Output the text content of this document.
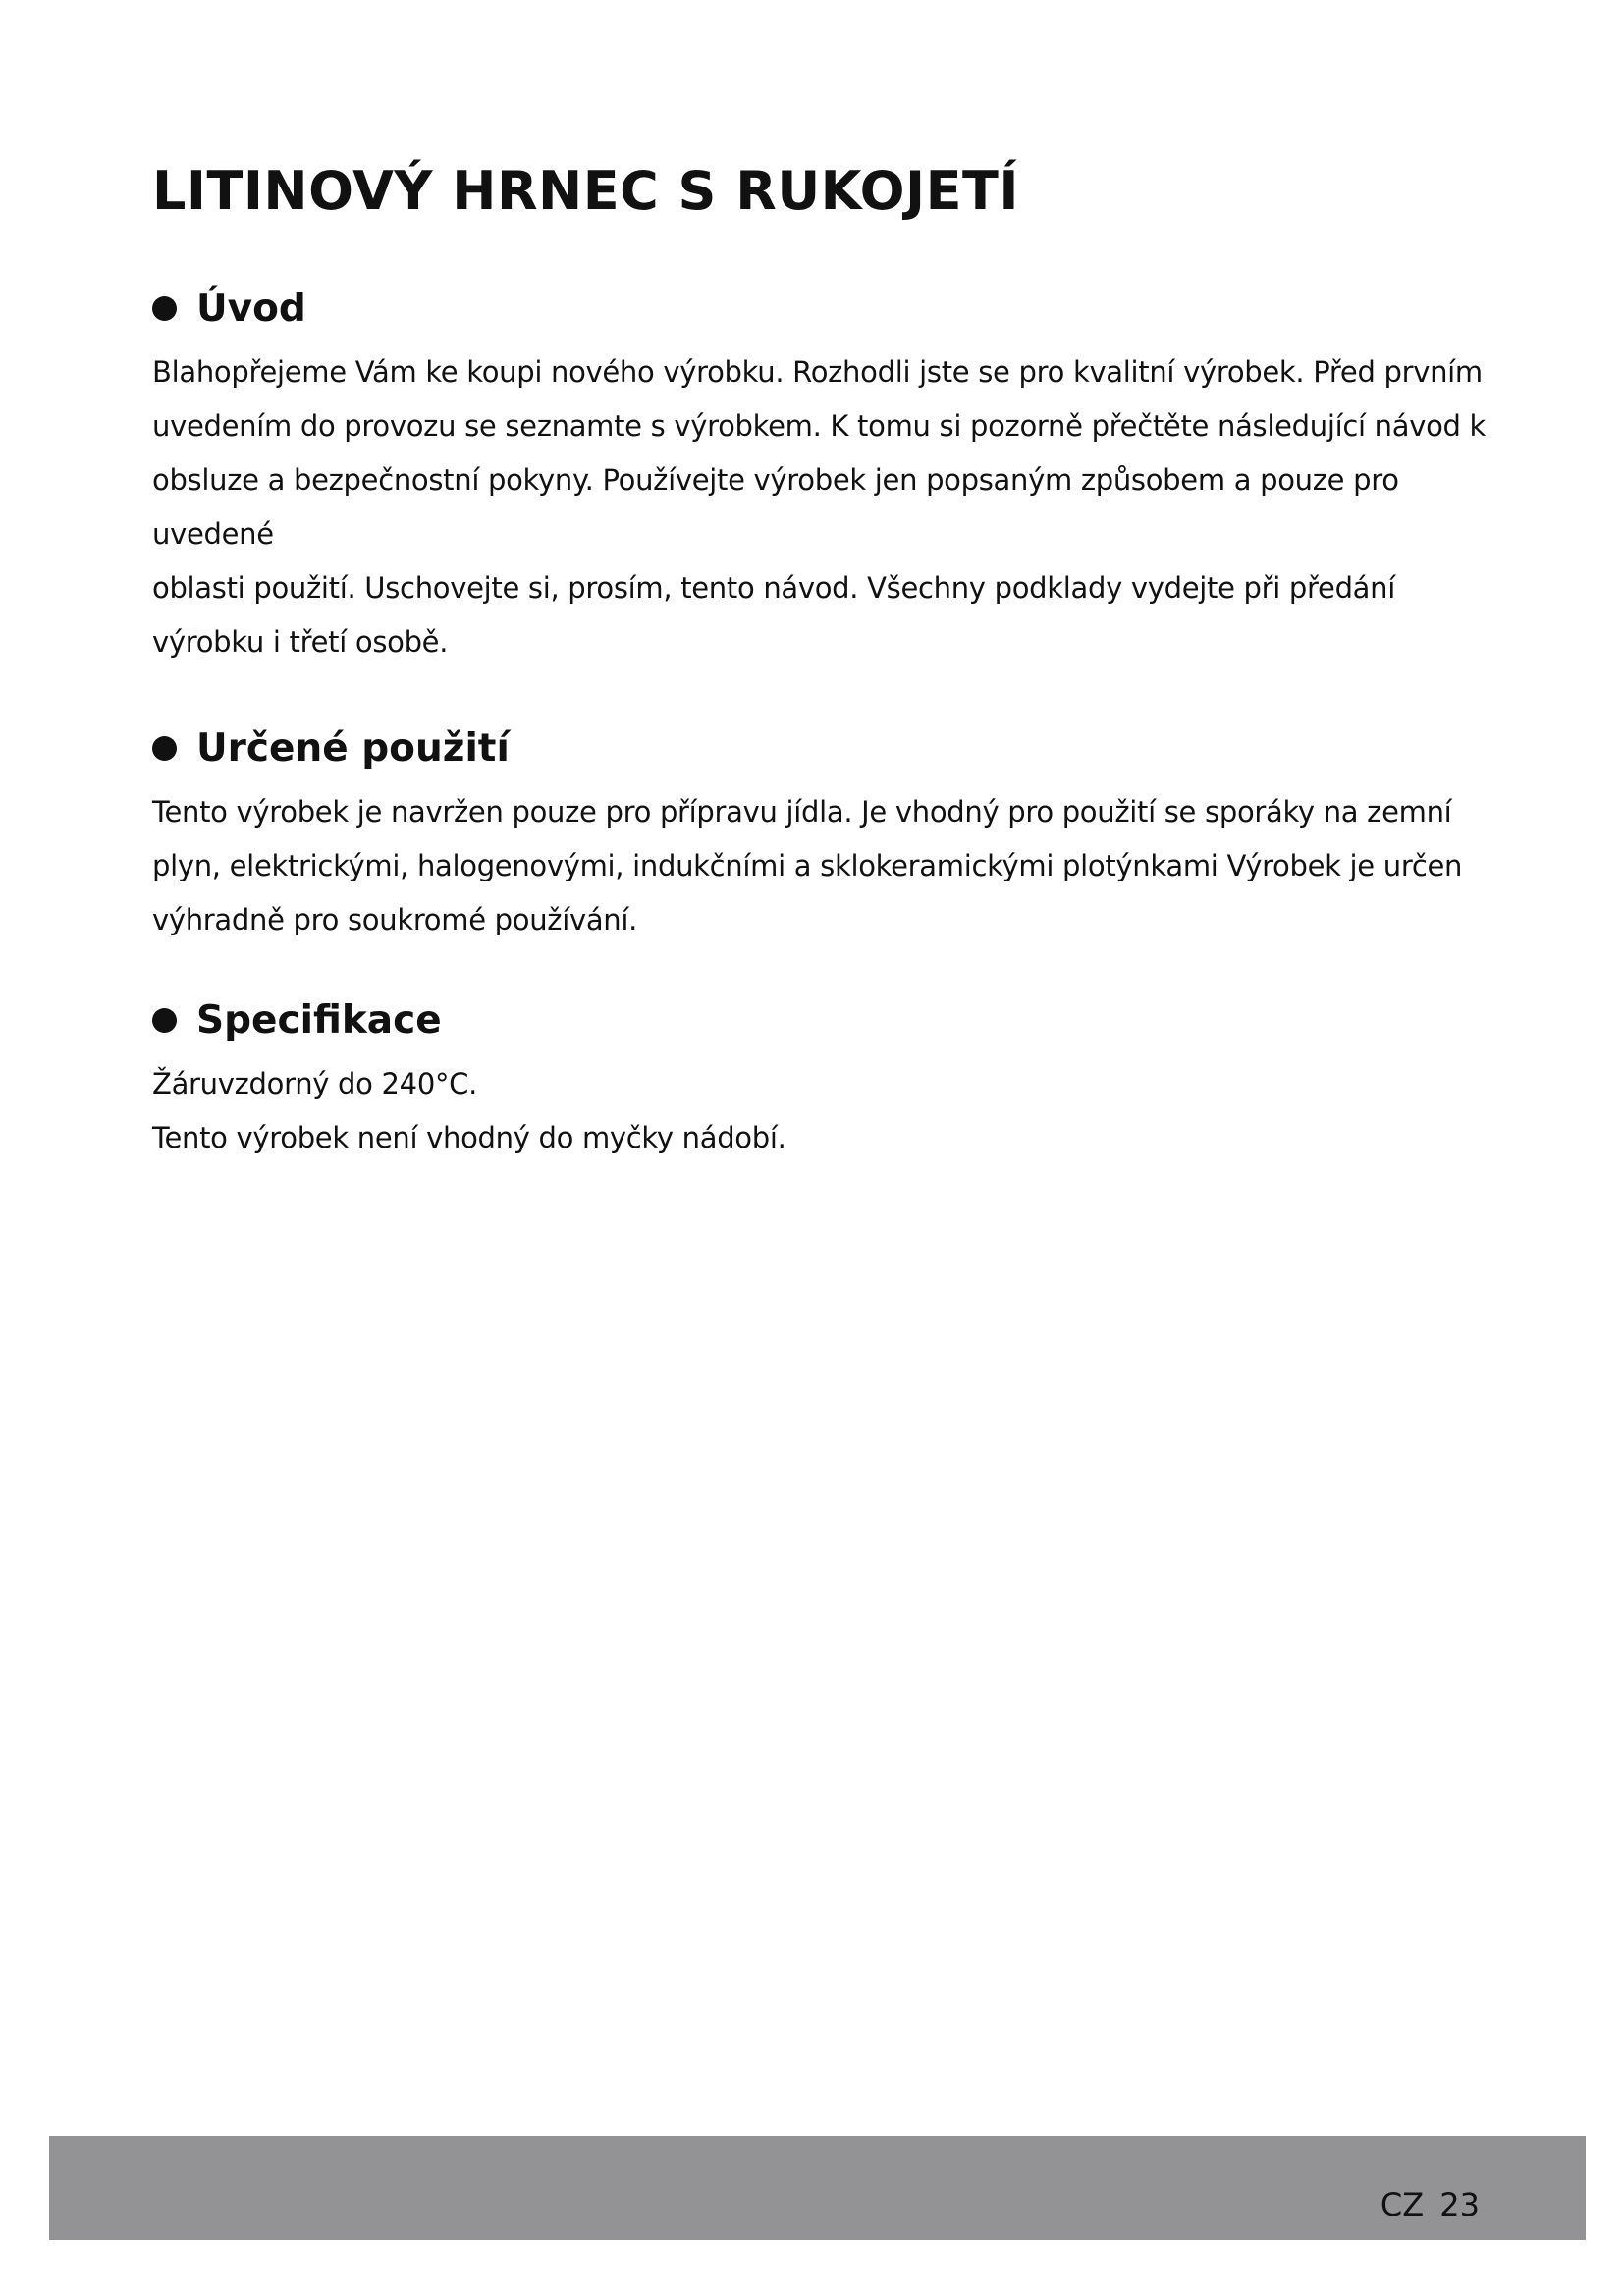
LITINOVÝ HRNEC S RUKOJETÍ
Úvod

Blahopřejeme Vám ke koupi nového výrobku. Rozhodli jste se pro kvalitní výrobek. Před prvním
uvedením do provozu se seznamte s výrobkem. K tomu si pozorně přečtěte následující návod k
obsluze a bezpečnostní pokyny. Používejte výrobek jen popsaným způsobem a pouze pro
uvedené
oblasti použití. Uschovejte si, prosím, tento návod. Všechny podklady vydejte při předání
výrobku i třetí osobě.

Určené použití

Tento výrobek je navržen pouze pro přípravu jídla. Je vhodný pro použití se sporáky na zemní
plyn, elektrickými, halogenovými, indukčními a sklokeramickými plotýnkami Výrobek je určen
výhradně pro soukromé používání.

Specifikace

Žáruvzdorný do 240°C.
Tento výrobek není vhodný do myčky nádobí.

CZ 23
